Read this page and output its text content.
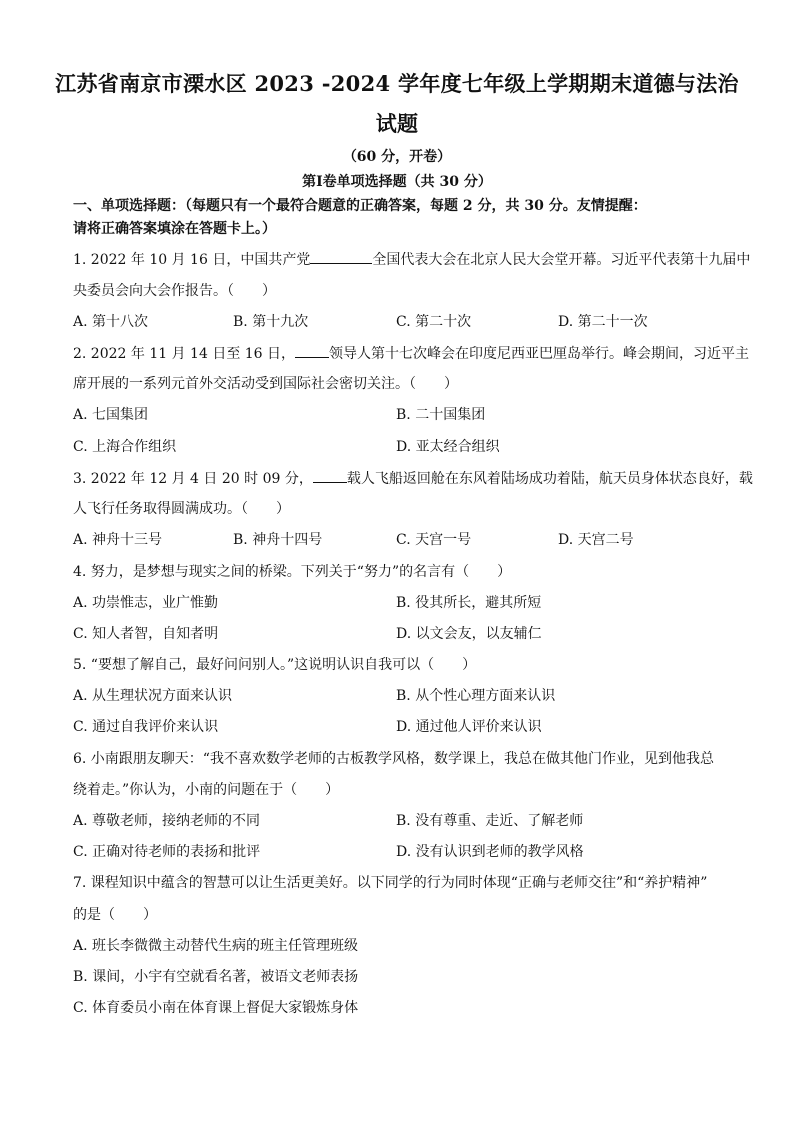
江苏省南京市溧水区 2023 -2024 学年度七年级上学期期末道德与法治
试题
（60 分，开卷）
第Ⅰ卷单项选择题（共 30 分）
一、单项选择题：（每题只有一个最符合题意的正确答案，每题 2 分，共 30 分。友情提醒：
请将正确答案填涂在答题卡上。）
1. 2022 年 10 月 16 日，中国共产党	全国代表大会在北京人民大会堂开幕。习近平代表第十九届中
央委员会向大会作报告。（　　）
A. 第十八次	B. 第十九次	C. 第二十次	D. 第二十一次
2. 2022 年 11 月 14 日至 16 日， 领导人第十七次峰会在印度尼西亚巴厘岛举行。峰会期间，习近平主
席开展的一系列元首外交活动受到国际社会密切关注。（　　）
A. 七国集团	B. 二十国集团
C. 上海合作组织	D. 亚太经合组织
3. 2022 年 12 月 4 日 20 时 09 分， 载人飞船返回舱在东风着陆场成功着陆，航天员身体状态良好，载
人飞行任务取得圆满成功。（　　）
A. 神舟十三号	B. 神舟十四号	C. 天宫一号	D. 天宫二号
4. 努力，是梦想与现实之间的桥梁。下列关于“努力”的名言有（　　）
A. 功崇惟志，业广惟勤	B. 役其所长，避其所短
C. 知人者智，自知者明	D. 以文会友，以友辅仁
5. “要想了解自己，最好问问别人。”这说明认识自我可以（　　）
A. 从生理状况方面来认识	B. 从个性心理方面来认识
C. 通过自我评价来认识	D. 通过他人评价来认识
6. 小南跟朋友聊天：“我不喜欢数学老师的古板教学风格，数学课上，我总在做其他门作业，见到他我总
绕着走。”你认为，小南的问题在于（　　）
A. 尊敬老师，接纳老师的不同	B. 没有尊重、走近、了解老师
C. 正确对待老师的表扬和批评	D. 没有认识到老师的教学风格
7. 课程知识中蕴含的智慧可以让生活更美好。以下同学的行为同时体现“正确与老师交往”和“养护精神”
的是（　　）
A. 班长李微微主动替代生病的班主任管理班级
B. 课间，小宇有空就看名著，被语文老师表扬
C. 体育委员小南在体育课上督促大家锻炼身体
